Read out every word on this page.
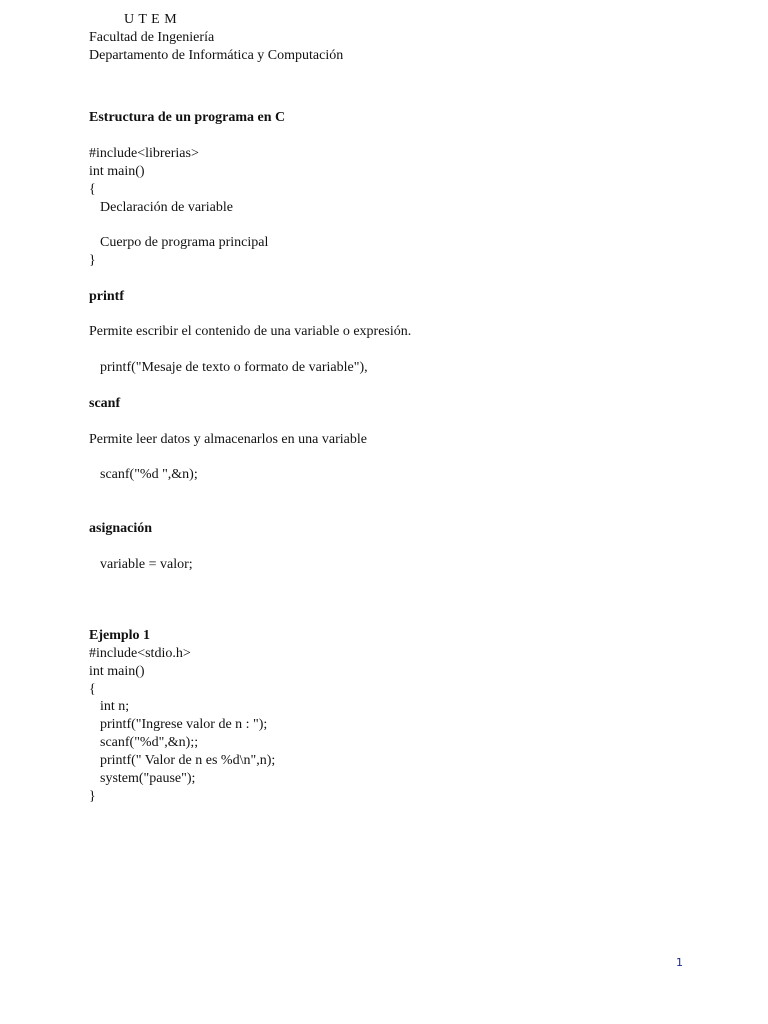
U T E M
Facultad de Ingeniería
Departamento de Informática y Computación
Estructura de un programa en C
#include<librerias>
int main()
{
Declaración de variable
Cuerpo de programa principal
}
printf
Permite escribir el contenido de una variable o expresión.
printf("Mesaje de texto o formato de variable"),
scanf
Permite leer datos y almacenarlos en una variable
scanf("%d ",&n);
asignación
variable = valor;
Ejemplo 1
#include<stdio.h>
int main()
{
int n;
printf("Ingrese valor de n : ");
scanf("%d",&n);;
printf(" Valor de n es %d\n",n);
system("pause");
}
1
